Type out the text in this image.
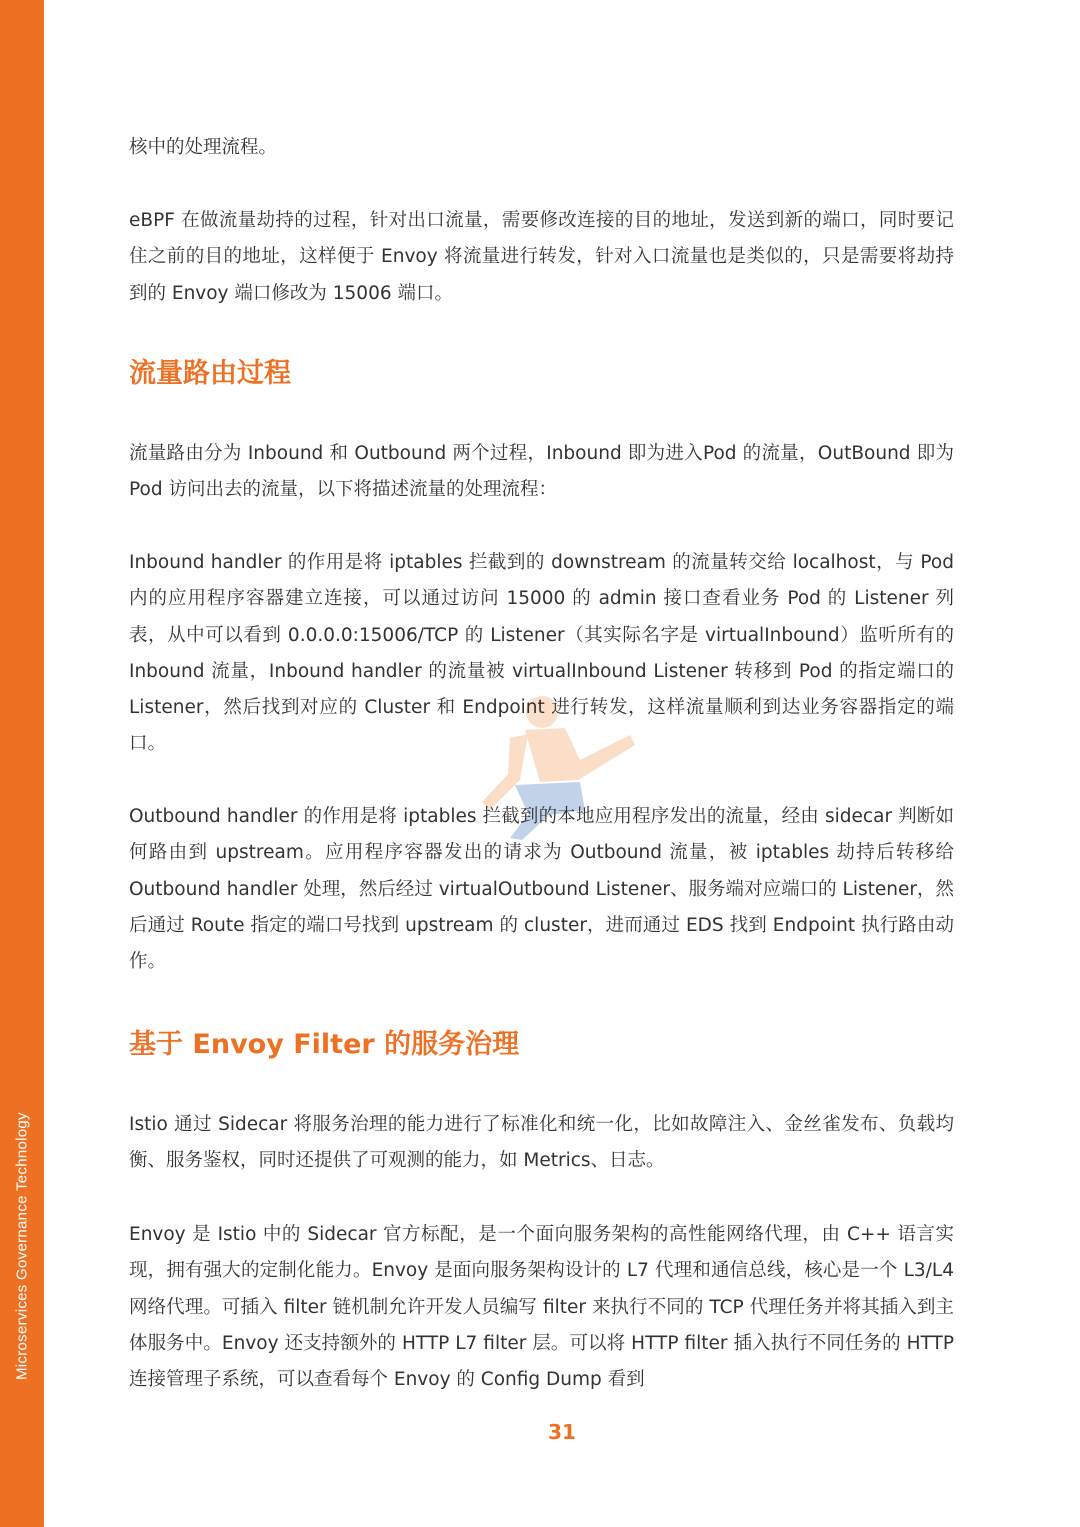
Microservices Governance Technology

核中的处理流程。

eBPF 在做流量劫持的过程，针对出口流量，需要修改连接的目的地址，发送到新的端口，同时要记住之前的目的地址，这样便于 Envoy 将流量进行转发，针对入口流量也是类似的，只是需要将劫持到的 Envoy 端口修改为 15006 端口。

流量路由过程

流量路由分为 Inbound 和 Outbound 两个过程，Inbound 即为进入Pod 的流量，OutBound 即为 Pod 访问出去的流量，以下将描述流量的处理流程：

Inbound handler 的作用是将 iptables 拦截到的 downstream 的流量转交给 localhost，与 Pod 内的应用程序容器建立连接，可以通过访问 15000 的 admin 接口查看业务 Pod 的 Listener 列表，从中可以看到 0.0.0.0:15006/TCP 的 Listener（其实际名字是 virtualInbound）监听所有的 Inbound 流量，Inbound handler 的流量被 virtualInbound Listener 转移到 Pod 的指定端口的 Listener，然后找到对应的 Cluster 和 Endpoint 进行转发，这样流量顺利到达业务容器指定的端口。

Outbound handler 的作用是将 iptables 拦截到的本地应用程序发出的流量，经由 sidecar 判断如何路由到 upstream。应用程序容器发出的请求为 Outbound 流量，被 iptables 劫持后转移给 Outbound handler 处理，然后经过 virtualOutbound Listener、服务端对应端口的 Listener，然后通过 Route 指定的端口号找到 upstream 的 cluster，进而通过 EDS 找到 Endpoint 执行路由动作。

基于 Envoy Filter 的服务治理

Istio 通过 Sidecar 将服务治理的能力进行了标准化和统一化，比如故障注入、金丝雀发布、负载均衡、服务鉴权，同时还提供了可观测的能力，如 Metrics、日志。

Envoy 是 Istio 中的 Sidecar 官方标配，是一个面向服务架构的高性能网络代理，由 C++ 语言实现，拥有强大的定制化能力。Envoy 是面向服务架构设计的 L7 代理和通信总线，核心是一个 L3/L4 网络代理。可插入 filter 链机制允许开发人员编写 filter 来执行不同的 TCP 代理任务并将其插入到主体服务中。Envoy 还支持额外的 HTTP L7 filter 层。可以将 HTTP filter 插入执行不同任务的 HTTP 连接管理子系统，可以查看每个 Envoy 的 Config Dump 看到

31
